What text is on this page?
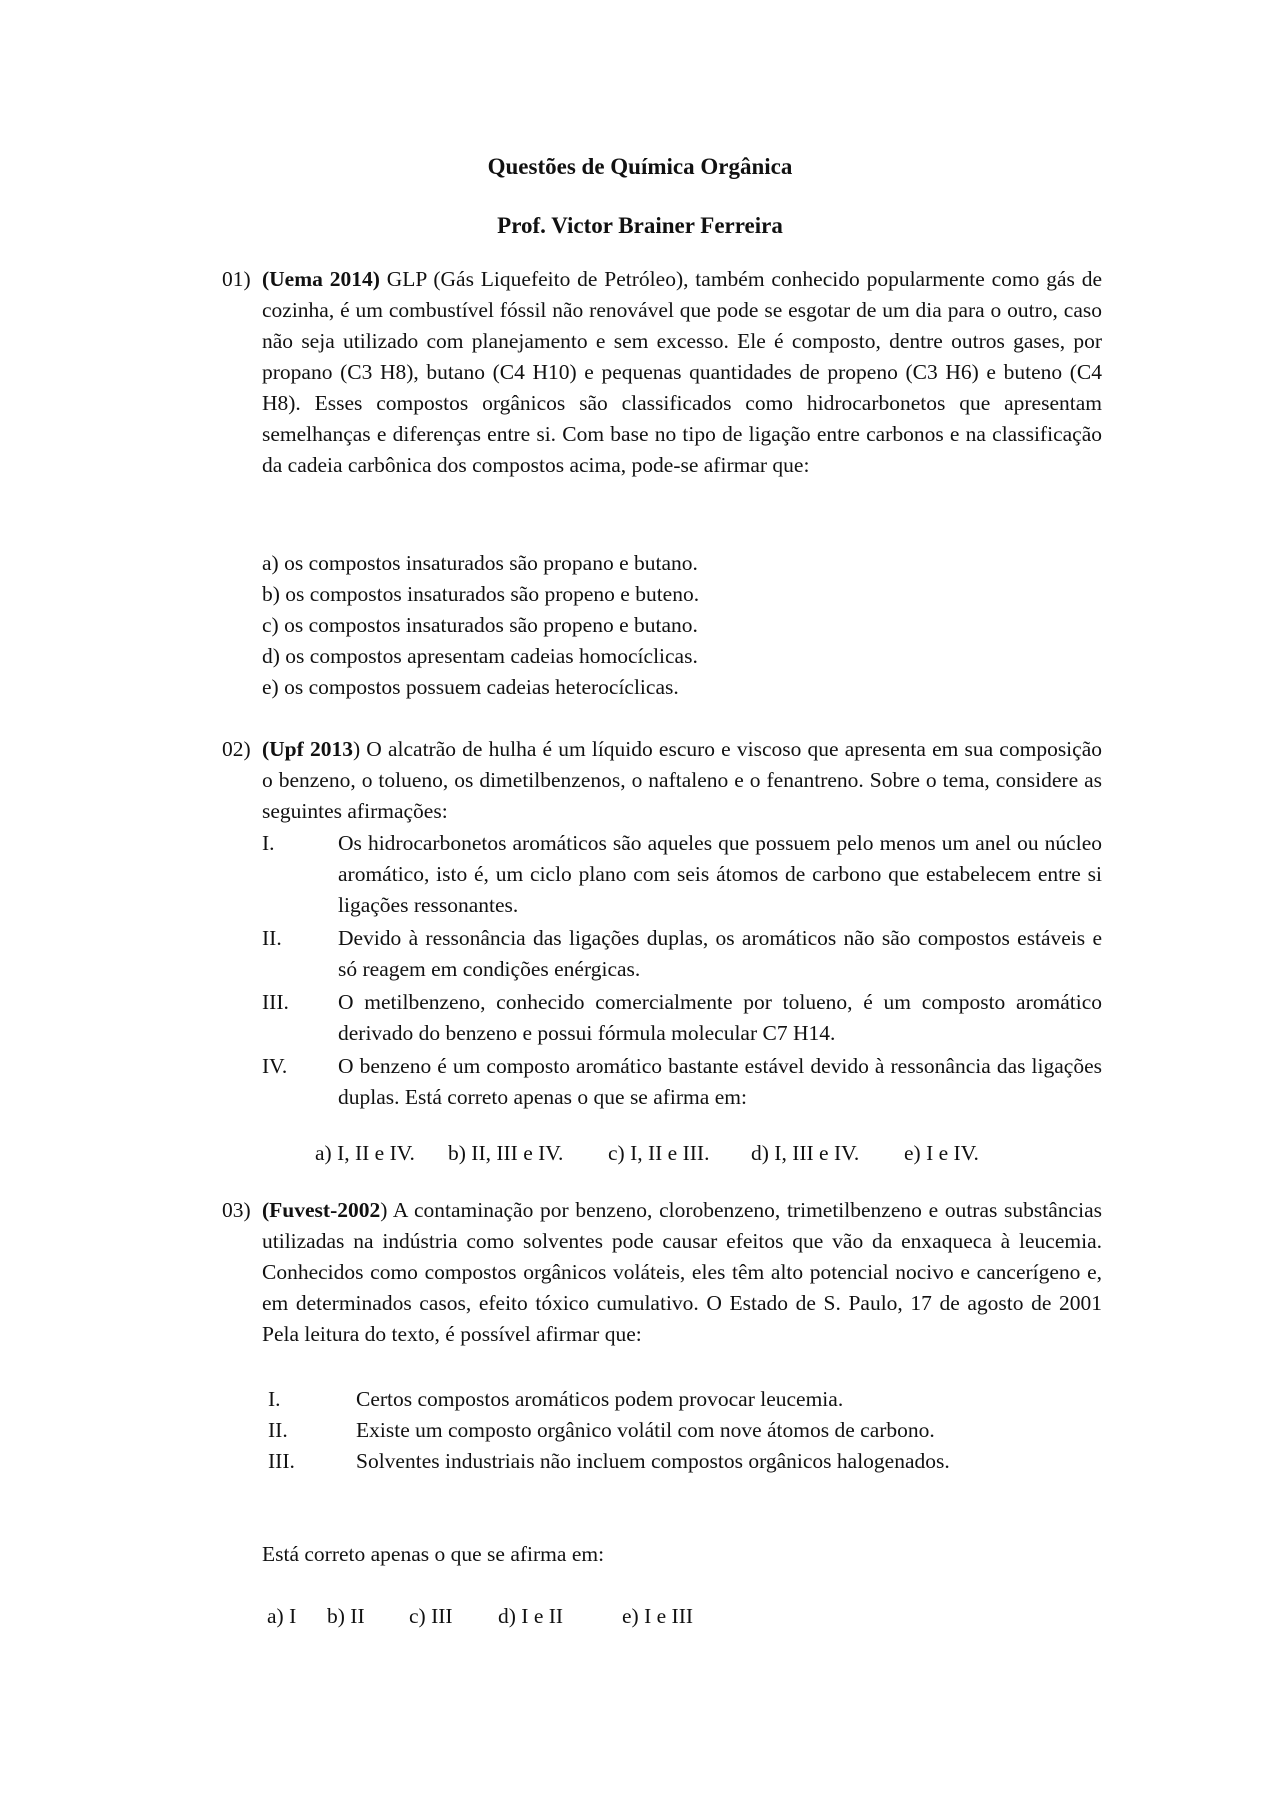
Questões de Química Orgânica
Prof. Victor Brainer Ferreira
01) (Uema 2014) GLP (Gás Liquefeito de Petróleo), também conhecido popularmente como gás de cozinha, é um combustível fóssil não renovável que pode se esgotar de um dia para o outro, caso não seja utilizado com planejamento e sem excesso. Ele é composto, dentre outros gases, por propano (C3 H8), butano (C4 H10) e pequenas quantidades de propeno (C3 H6) e buteno (C4 H8). Esses compostos orgânicos são classificados como hidrocarbonetos que apresentam semelhanças e diferenças entre si. Com base no tipo de ligação entre carbonos e na classificação da cadeia carbônica dos compostos acima, pode-se afirmar que:
a) os compostos insaturados são propano e butano.
b) os compostos insaturados são propeno e buteno.
c) os compostos insaturados são propeno e butano.
d) os compostos apresentam cadeias homocíclicas.
e) os compostos possuem cadeias heterocíclicas.
02) (Upf 2013) O alcatrão de hulha é um líquido escuro e viscoso que apresenta em sua composição o benzeno, o tolueno, os dimetilbenzenos, o naftaleno e o fenantreno. Sobre o tema, considere as seguintes afirmações:
I.	Os hidrocarbonetos aromáticos são aqueles que possuem pelo menos um anel ou núcleo aromático, isto é, um ciclo plano com seis átomos de carbono que estabelecem entre si ligações ressonantes.
II.	Devido à ressonância das ligações duplas, os aromáticos não são compostos estáveis e só reagem em condições enérgicas.
III. O metilbenzeno, conhecido comercialmente por tolueno, é um composto aromático derivado do benzeno e possui fórmula molecular C7 H14.
IV. O benzeno é um composto aromático bastante estável devido à ressonância das ligações duplas. Está correto apenas o que se afirma em:
a) I, II e IV. b) II, III e IV. c) I, II e III. d) I, III e IV. e) I e IV.
03) (Fuvest-2002) A contaminação por benzeno, clorobenzeno, trimetilbenzeno e outras substâncias utilizadas na indústria como solventes pode causar efeitos que vão da enxaqueca à leucemia. Conhecidos como compostos orgânicos voláteis, eles têm alto potencial nocivo e cancerígeno e, em determinados casos, efeito tóxico cumulativo. O Estado de S. Paulo, 17 de agosto de 2001 Pela leitura do texto, é possível afirmar que:
I.	Certos compostos aromáticos podem provocar leucemia.
II.	Existe um composto orgânico volátil com nove átomos de carbono.
III.	Solventes industriais não incluem compostos orgânicos halogenados.
Está correto apenas o que se afirma em:
a) I b) II c) III d) I e II	e) I e III
